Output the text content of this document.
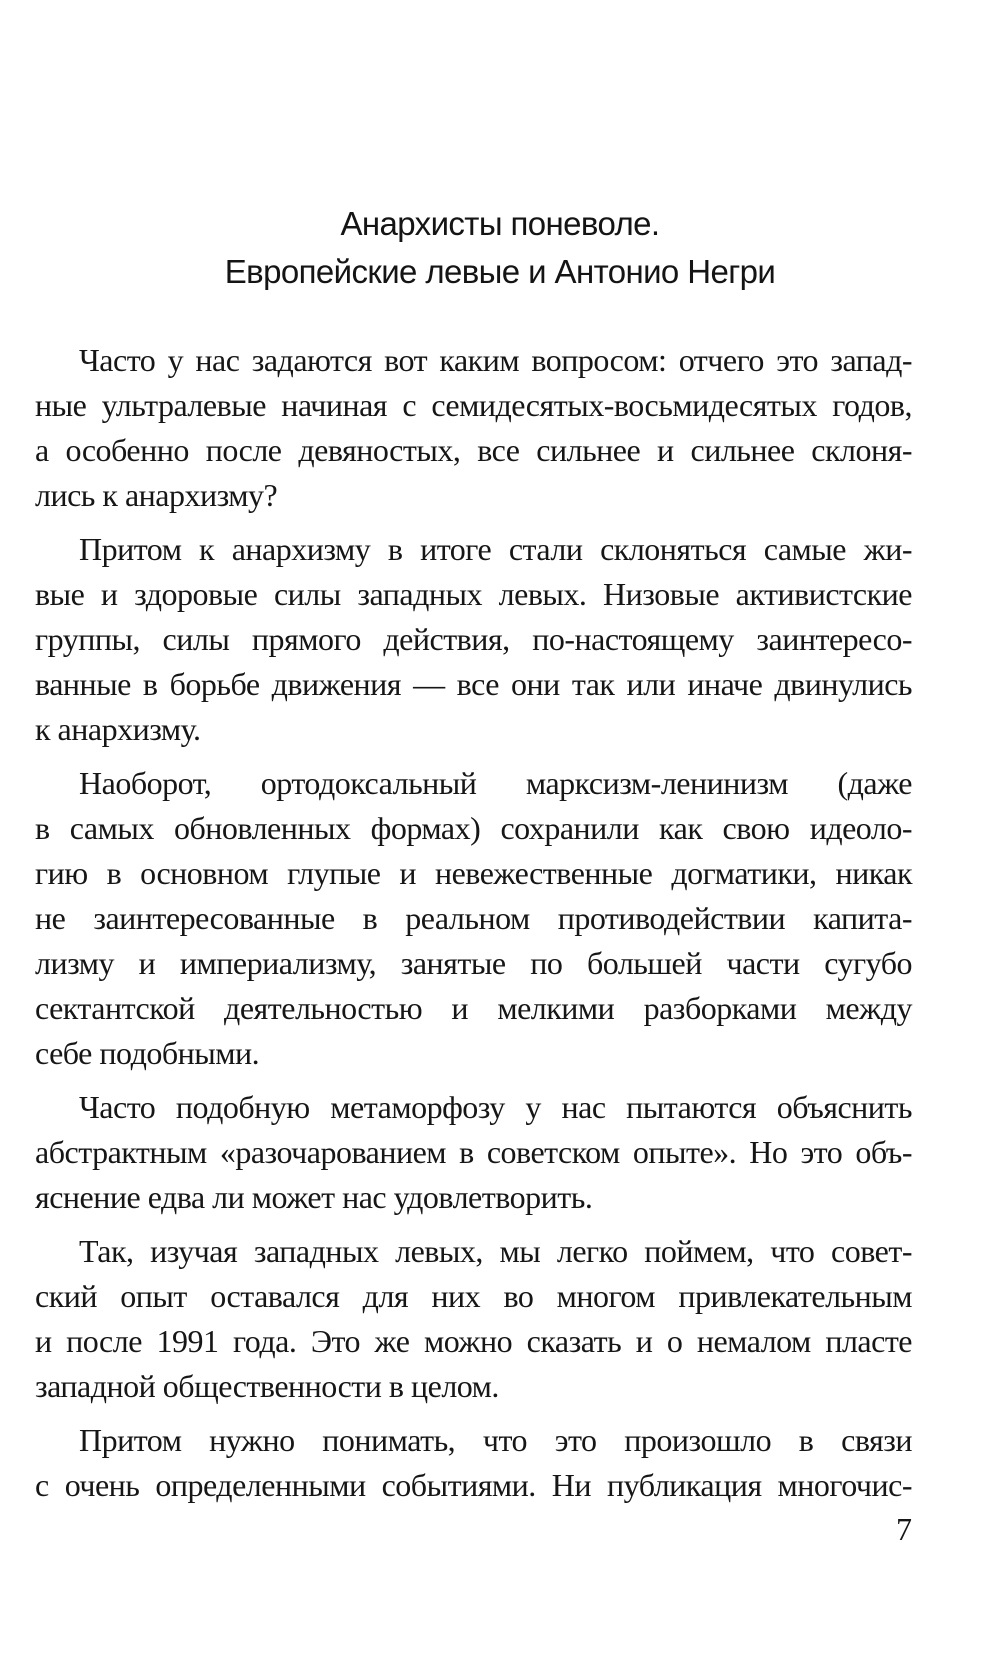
Анархисты поневоле.
Европейские левые и Антонио Негри

Часто у нас задаются вот каким вопросом: отчего это запад-
ные ультралевые начиная с семидесятых-восьмидесятых годов,
а особенно после девяностых, все сильнее и сильнее склоня-
лись к анархизму?

Притом к анархизму в итоге стали склоняться самые жи-
вые и здоровые силы западных левых. Низовые активистские
группы, силы прямого действия, по-настоящему заинтересо-
ванные в борьбе движения — все они так или иначе двинулись
к анархизму.

Наоборот, ортодоксальный марксизм-ленинизм (даже
в самых обновленных формах) сохранили как свою идеоло-
гию в основном глупые и невежественные догматики, никак
не заинтересованные в реальном противодействии капита-
лизму и империализму, занятые по большей части сугубо
сектантской деятельностью и мелкими разборками между
себе подобными.

Часто подобную метаморфозу у нас пытаются объяснить
абстрактным «разочарованием в советском опыте». Но это объ-
яснение едва ли может нас удовлетворить.

Так, изучая западных левых, мы легко поймем, что совет-
ский опыт оставался для них во многом привлекательным
и после 1991 года. Это же можно сказать и о немалом пласте
западной общественности в целом.

Притом нужно понимать, что это произошло в связи
с очень определенными событиями. Ни публикация многочис-

7
